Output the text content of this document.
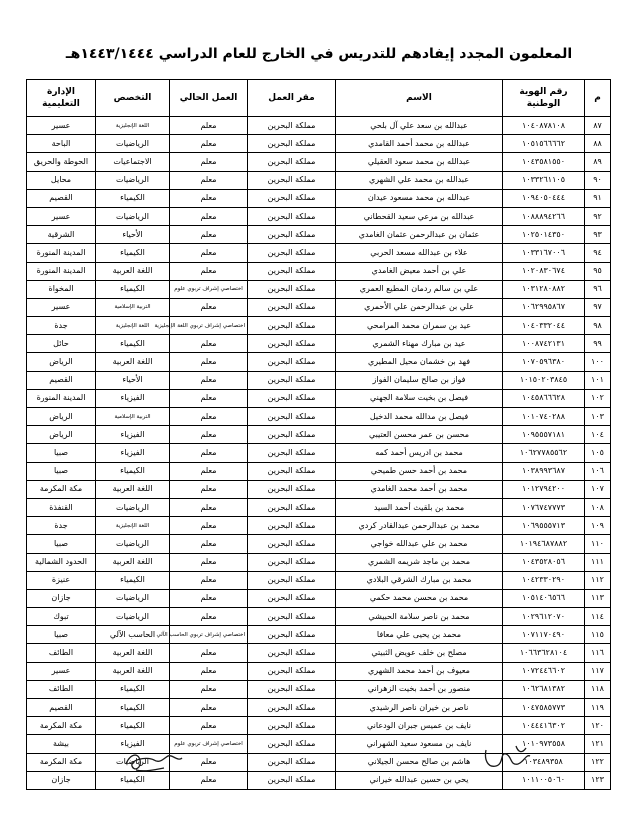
المعلمون المجدد إيفادهم للتدريس في الخارج للعام الدراسي ١٤٤٣/١٤٤٤هـ
م	رقم الهوية الوطنية	الاسم	مقر العمل	العمل الحالي	التخصص	الإدارة التعليمية
٨٧	١٠٤٠٨٧٨١٠٨	عبدالله بن سعد علي آل بلحي	مملكة البحرين	معلم	اللغة الإنجليزية	عسير
٨٨	١٠٥١٥٦٦٦٦٢	عبدالله بن محمد أحمد القامدي	مملكة البحرين	معلم	الرياضيات	الباحة
٨٩	١٠٤٣٥٨١٥٥٠	عبدالله بن محمد سعود العقيلي	مملكة البحرين	معلم	الاجتماعيات	الحوطة والحريق
٩٠	١٠٣٣٢٦١١٠٥	عبدالله بن محمد علي الشهري	مملكة البحرين	معلم	الرياضيات	محايل
٩١	١٠٩٤٠٥٠٤٤٤	عبدالله بن محمد مسعود عيدان	مملكة البحرين	معلم	الكيمياء	القصيم
٩٢	١٠٨٨٨٩٤٢٦٦	عبدالله بن مرعي سعيد القحطاني	مملكة البحرين	معلم	الرياضيات	عسير
٩٣	١٠٢٥٠١٤٣٥٠	عثمان بن عبدالرحمن عثمان الغامدي	مملكة البحرين	معلم	الأحياء	الشرقية
٩٤	١٠٣٣١٦٧٠٠٦	علاء بن عبدالله مسعد الحربي	مملكة البحرين	معلم	الكيمياء	المدينة المنورة
٩٥	١٠٢٠٨٣٠٦٧٤	علي بن أحمد معيض الغامدي	مملكة البحرين	معلم	اللغة العربية	المدينة المنورة
٩٦	١٠٣١٢٨٠٨٨٢	علي بن سالم ردمان المطيع العمري	مملكة البحرين	اختصاصي إشراف تربوي علوم	الكيمياء	المخواة
٩٧	١٠٦٢٩٩٥٨٦٧	علي بن عبدالرحمن علي الأحمري	مملكة البحرين	معلم	التربية الإسلامية	عسير
٩٨	١٠٤٠٣٣٢٠٤٤	عيد بن سمران محمد المرامحي	مملكة البحرين	اختصاصي إشراف تربوي اللغة الإنجليزية	اللغة الإنجليزية	جدة
٩٩	١٠٠٨٧٤٢١٣١	عيد بن مبارك مهناء الشمري	مملكة البحرين	معلم	الكيمياء	حائل
١٠٠	١٠٧٠٥٩٦٣٨٠	فهد بن خشمان محيل المطيري	مملكة البحرين	معلم	اللغة العربية	الرياض
١٠١	١٠١٥٠٢٠٣٨٤٥	فواز بن صالح سليمان الفواز	مملكة البحرين	معلم	الأحياء	القصيم
١٠٢	١٠٤٥٨٦٦٦٢٨	فيصل بن بخيت سلامة الجهني	مملكة البحرين	معلم	الفيزياء	المدينة المنورة
١٠٣	١٠١٠٧٤٠٢٨٨	فيصل بن مدالله محمد الدخيل	مملكة البحرين	معلم	التربية الإسلامية	الرياض
١٠٤	١٠٩٥٥٥٧١٨١	محسن بن عمر محسن العتيبي	مملكة البحرين	معلم	الفيزياء	الرياض
١٠٥	١٠٦٢٧٧٨٥٥٦٢	محمد بن ادريس أحمد كمه	مملكة البحرين	معلم	الفيزياء	صبيا
١٠٦	١٠٣٨٩٩٣٦٨٧	محمد بن أحمد حسن طميحي	مملكة البحرين	معلم	الكيمياء	صبيا
١٠٧	١٠١٢٧٩٤٢٠٠	محمد بن أحمد محمد الغامدي	مملكة البحرين	معلم	اللغة العربية	مكة المكرمة
١٠٨	١٠٧٦٧٤٧٧٧٣	محمد بن بلقيث أحمد السيد	مملكة البحرين	معلم	الرياضيات	القنفذة
١٠٩	١٠٦٩٥٥٥٧١٣	محمد بن عبدالرحمن عبدالقادر كردي	مملكة البحرين	معلم	اللغة الإنجليزية	جدة
١١٠	١٠١٩٤٦٨٧٨٨٢	محمد بن علي عبدالله خواجي	مملكة البحرين	معلم	الرياضيات	صبيا
١١١	١٠٤٣٥٢٨٠٥٦	محمد بن ماجد شريمه الشمري	مملكة البحرين	معلم	اللغة العربية	الحدود الشمالية
١١٢	١٠٤٢٣٣٠٢٩٠	محمد بن مبارك الشرقي البلادي	مملكة البحرين	معلم	الكيمياء	عنيزة
١١٣	١٠٥١٤٠٦٥٦٦	محمد بن محسن محمد حكمي	مملكة البحرين	معلم	الرياضيات	جازان
١١٤	١٠٢٩٦١٢٠٧٠	محمد بن ناصر سلامة الحبيشي	مملكة البحرين	معلم	الرياضيات	تبوك
١١٥	١٠٧١١٧٠٤٩٠	محمد بن يحيى علي معافا	مملكة البحرين	اختصاصي إشراف تربوي الحاسب الآلي	الحاسب الآلي	صبيا
١١٦	١٠٦٦٣٦٢٨١٠٤	مصلح بن خلف عويض الثبيتي	مملكة البحرين	معلم	اللغة العربية	الطائف
١١٧	١٠٧٢٤٤٦٦٠٢	معيوف بن أحمد محمد الشهري	مملكة البحرين	معلم	اللغة العربية	عسير
١١٨	١٠٦٢٦٨١٣٨٢	منصور بن أحمد بخيت الزهراني	مملكة البحرين	معلم	الكيمياء	الطائف
١١٩	١٠٤٧٥٨٥٧٧٣	ناصر بن خيران ناصر الرشيدي	مملكة البحرين	معلم	الكيمياء	القصيم
١٢٠	١٠٤٤٤١٦٣٠٢	نايف بن عميس جبران الودعاني	مملكة البحرين	معلم	الكيمياء	مكة المكرمة
١٢١	١٠١٠٩٧٣٥٥٨	نايف بن مسعود سعيد الشهراني	مملكة البحرين	اختصاصي إشراف تربوي علوم	الفيزياء	بيشة
١٢٢	١٠٣٤٨٩٣٥٨	هاشم بن صالح محسن الجيلاني	مملكة البحرين	معلم	الرياضيات	مكة المكرمة
١٢٣	١٠١١٠٠٥٠٦٠	يحي بن حسين عبدالله خيراني	مملكة البحرين	معلم	الكيمياء	جازان
